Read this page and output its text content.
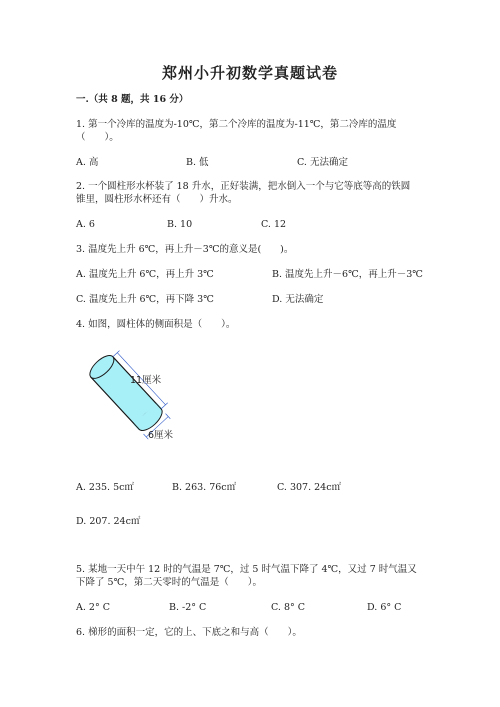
郑州小升初数学真题试卷
一.（共 8 题，共 16 分）
1. 第一个冷库的温度为-10℃，第二个冷库的温度为-11℃，第二冷库的温度
（　　）。
A. 高	B. 低	C. 无法确定
2. 一个圆柱形水杯装了 18 升水，正好装满，把水倒入一个与它等底等高的铁圆
锥里，圆柱形水杯还有（　　）升水。
A. 6	B. 10	C. 12
3. 温度先上升 6℃，再上升－3℃的意义是(　　)。
A. 温度先上升 6℃，再上升 3℃	B. 温度先上升－6℃，再上升－3℃
C. 温度先上升 6℃，再下降 3℃	D. 无法确定
4. 如图，圆柱体的侧面积是（　　）。
11厘米
6厘米
A. 235. 5c㎡	B. 263. 76c㎡	C. 307. 24c㎡
D. 207. 24c㎡
5. 某地一天中午 12 时的气温是 7℃，过 5 时气温下降了 4℃，又过 7 时气温又
下降了 5℃，第二天零时的气温是（　　）。
A. 2° C	B. -2° C	C. 8° C	D. 6° C
6. 梯形的面积一定，它的上、下底之和与高（　　）。
